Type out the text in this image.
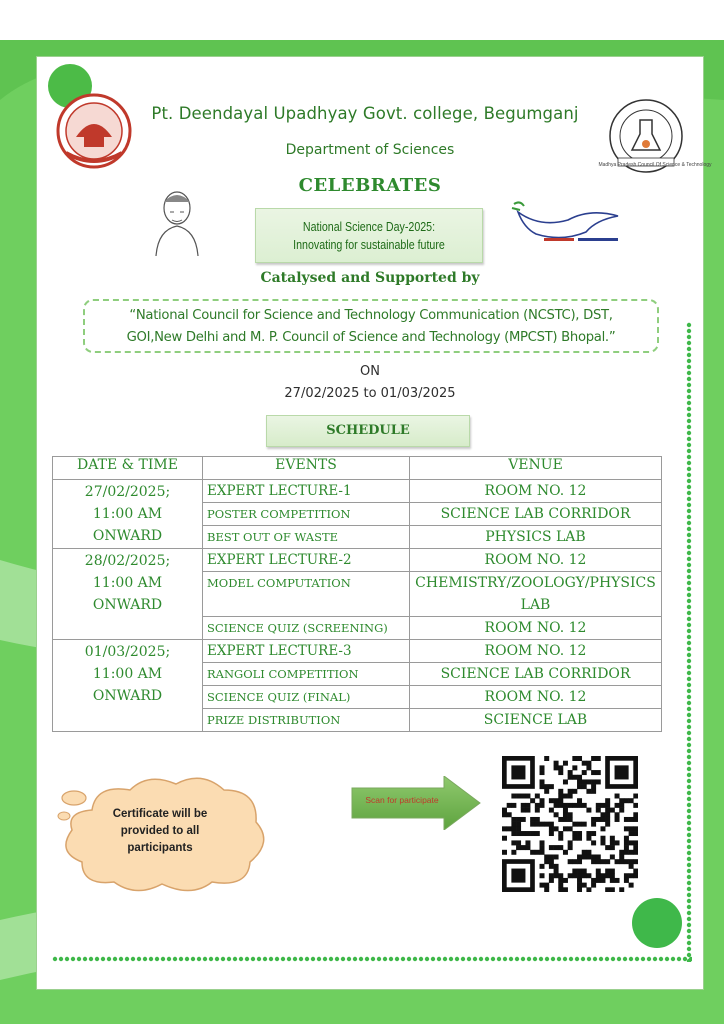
Madhya Pradesh Council Of Science & Technology
Pt. Deendayal Upadhyay Govt. college, Begumganj
Department of Sciences
CELEBRATES
National Science Day-2025:
Innovating for sustainable future
Catalysed and Supported by
“National Council for Science and Technology Communication (NCSTC), DST,
GOI,New Delhi and M. P. Council of Science and Technology (MPCST) Bhopal.”
ON
27/02/2025 to 01/03/2025
SCHEDULE
DATE & TIME	EVENTS	VENUE

27/02/2025;
11:00 AM
ONWARD	EXPERT LECTURE-1	ROOM NO. 12
	POSTER COMPETITION	SCIENCE LAB CORRIDOR
	BEST OUT OF WASTE	PHYSICS LAB

28/02/2025;
11:00 AM
ONWARD	EXPERT LECTURE-2	ROOM NO. 12
	MODEL COMPUTATION	CHEMISTRY/ZOOLOGY/PHYSICS
LAB

	SCIENCE QUIZ (SCREENING)	ROOM NO. 12

01/03/2025;
11:00 AM
ONWARD	EXPERT LECTURE-3	ROOM NO. 12
	RANGOLI COMPETITION	SCIENCE LAB CORRIDOR
	SCIENCE QUIZ (FINAL)	ROOM NO. 12
	PRIZE DISTRIBUTION	SCIENCE LAB
Certificate will be
provided to all
participants
Scan for participate
